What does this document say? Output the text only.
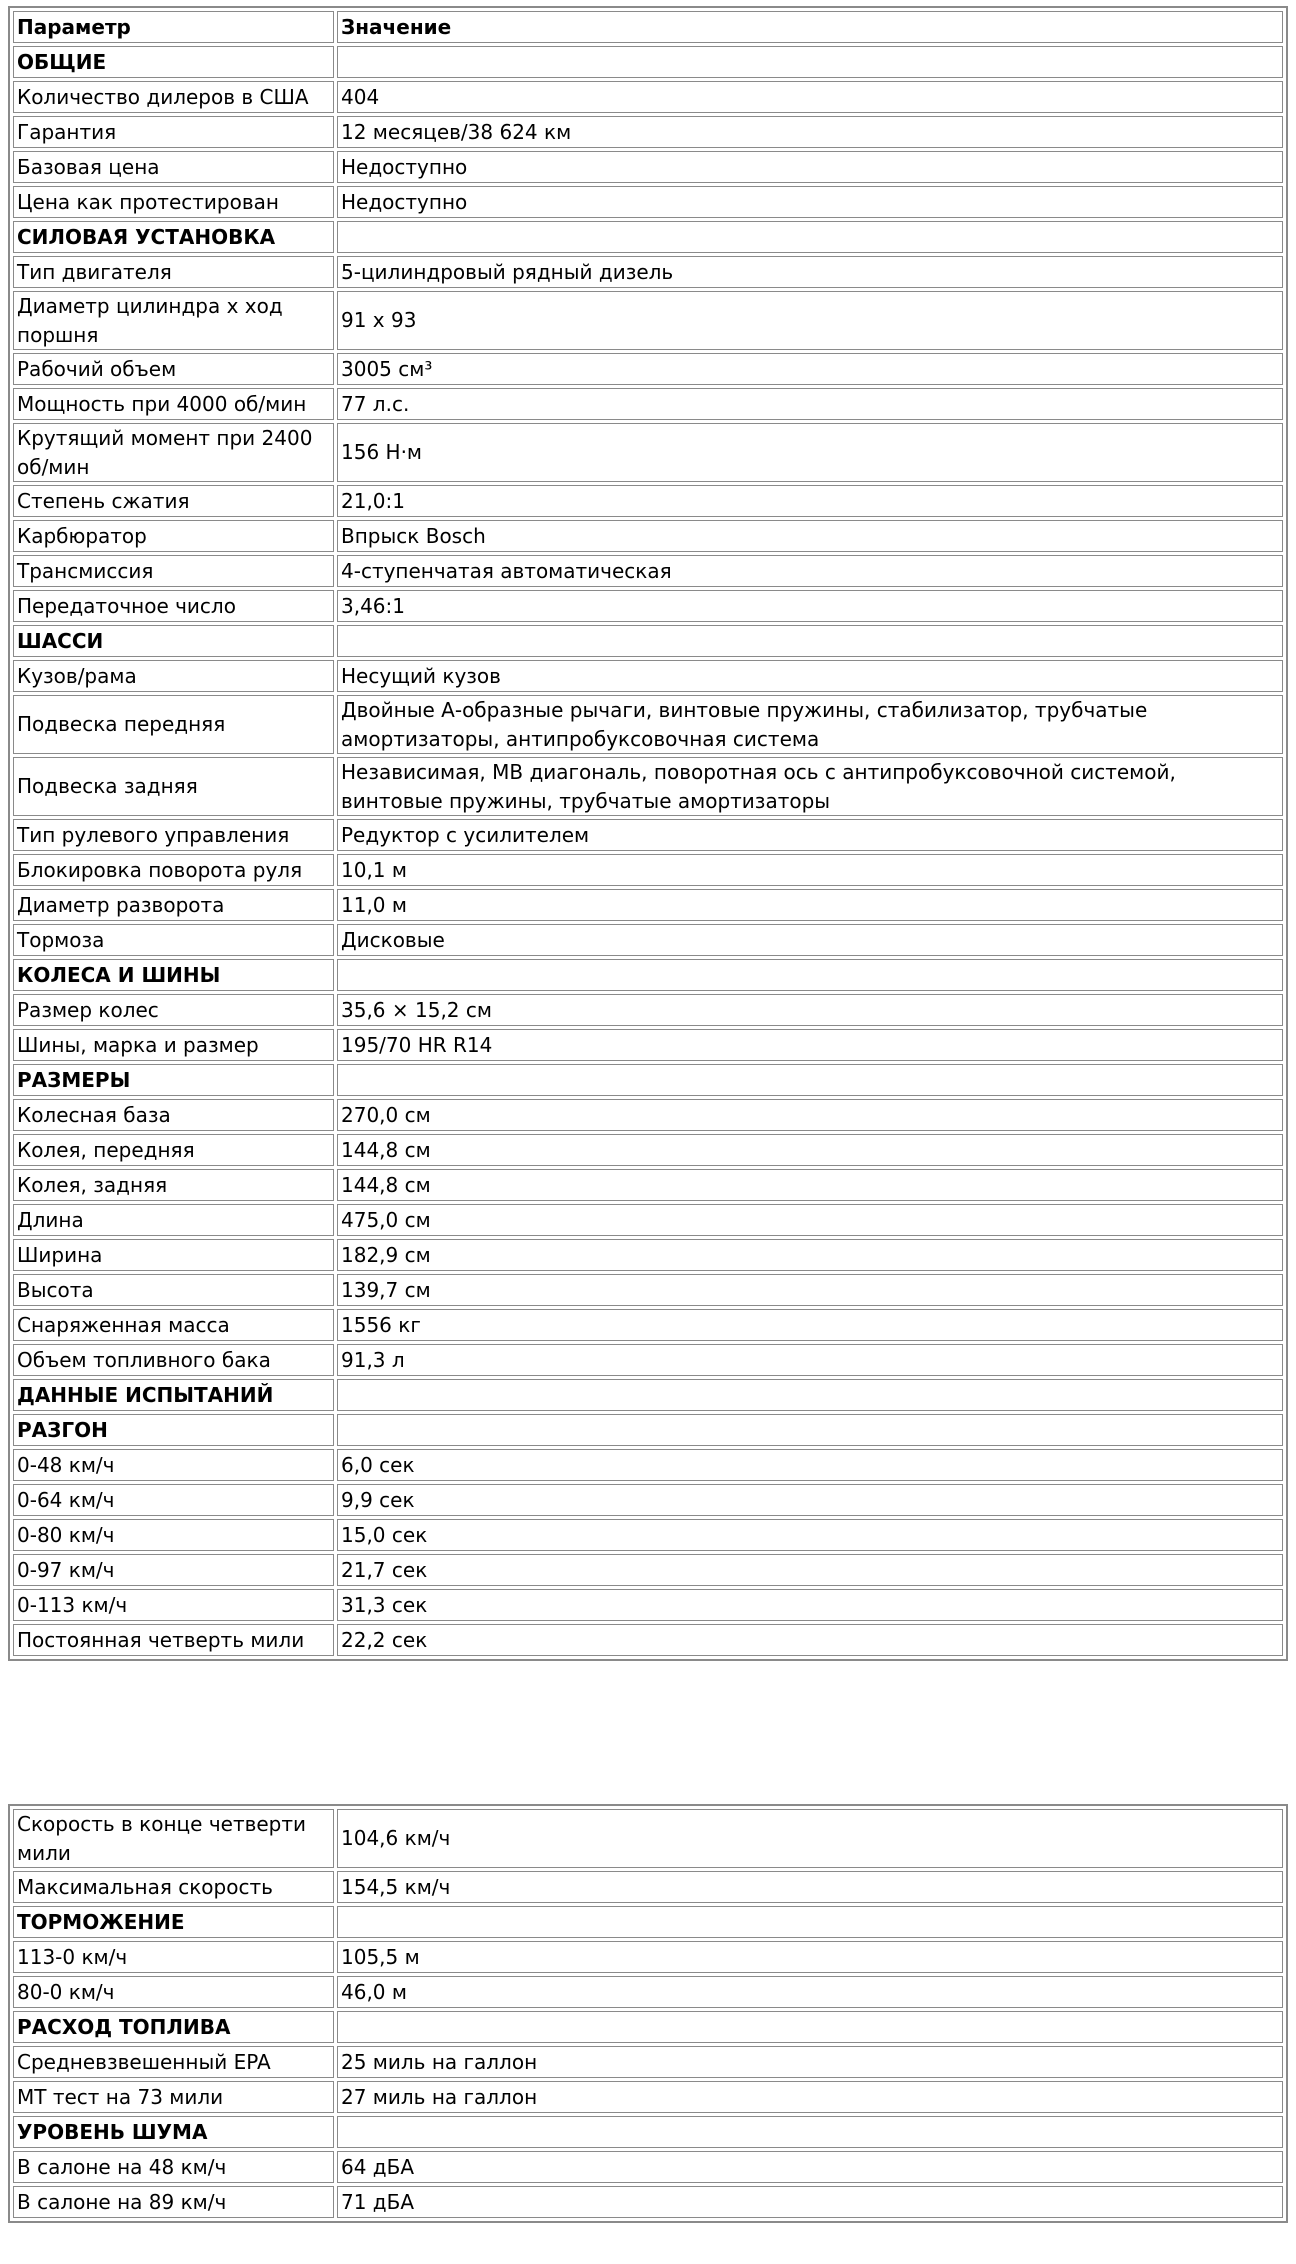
Параметр	Значение
ОБЩИЕ	
Количество дилеров в США	404
Гарантия	12 месяцев/38 624 км
Базовая цена	Недоступно
Цена как протестирован	Недоступно
СИЛОВАЯ УСТАНОВКА	
Тип двигателя	5-цилиндровый рядный дизель
Диаметр цилиндра х ход поршня	91 х 93
Рабочий объем	3005 см³
Мощность при 4000 об/мин	77 л.с.
Крутящий момент при 2400 об/мин	156 Н·м
Степень сжатия	21,0:1
Карбюратор	Впрыск Bosch
Трансмиссия	4-ступенчатая автоматическая
Передаточное число	3,46:1
ШАССИ	
Кузов/рама	Несущий кузов
Подвеска передняя	Двойные А-образные рычаги, винтовые пружины, стабилизатор, трубчатые амортизаторы, антипробуксовочная система
Подвеска задняя	Независимая, МВ диагональ, поворотная ось с антипробуксовочной системой, винтовые пружины, трубчатые амортизаторы
Тип рулевого управления	Редуктор с усилителем
Блокировка поворота руля	10,1 м
Диаметр разворота	11,0 м
Тормоза	Дисковые
КОЛЕСА И ШИНЫ	
Размер колес	35,6 × 15,2 см
Шины, марка и размер	195/70 HR R14
РАЗМЕРЫ	
Колесная база	270,0 см
Колея, передняя	144,8 см
Колея, задняя	144,8 см
Длина	475,0 см
Ширина	182,9 см
Высота	139,7 см
Снаряженная масса	1556 кг
Объем топливного бака	91,3 л
ДАННЫЕ ИСПЫТАНИЙ	
РАЗГОН	
0-48 км/ч	6,0 сек
0-64 км/ч	9,9 сек
0-80 км/ч	15,0 сек
0-97 км/ч	21,7 сек
0-113 км/ч	31,3 сек
Постоянная четверть мили	22,2 сек
Скорость в конце четверти мили	104,6 км/ч
Максимальная скорость	154,5 км/ч
ТОРМОЖЕНИЕ	
113-0 км/ч	105,5 м
80-0 км/ч	46,0 м
РАСХОД ТОПЛИВА	
Средневзвешенный EPA	25 миль на галлон
МТ тест на 73 мили	27 миль на галлон
УРОВЕНЬ ШУМА	
В салоне на 48 км/ч	64 дБА
В салоне на 89 км/ч	71 дБА
